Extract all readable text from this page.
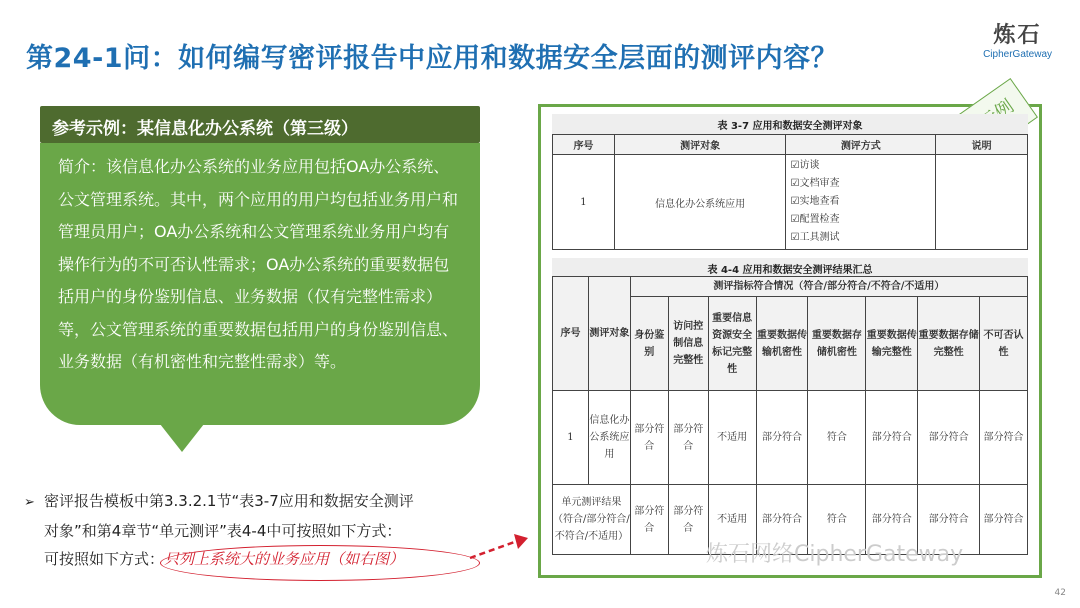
第24-1问：如何编写密评报告中应用和数据安全层面的测评内容？
炼石
CipherGateway
参考示例：某信息化办公系统（第三级）
简介：该信息化办公系统的业务应用包括OA办公系统、公文管理系统。其中，两个应用的用户均包括业务用户和管理员用户；OA办公系统和公文管理系统业务用户均有操作行为的不可否认性需求；OA办公系统的重要数据包括用户的身份鉴别信息、业务数据（仅有完整性需求）等，公文管理系统的重要数据包括用户的身份鉴别信息、业务数据（有机密性和完整性需求）等。
➢ 密评报告模板中第3.3.2.1节“表3-7应用和数据安全测评
对象”和第4章节“单元测评”表4-4中可按照如下方式：
可按照如下方式：只列上系统大的业务应用（如右图）
表 3-7 应用和数据安全测评对象
序号	测评对象	测评方式	说明
1	信息化办公系统应用	☑访谈
☑文档审查
☑实地查看
☑配置检查
☑工具测试	

表 4-4 应用和数据安全测评结果汇总
序号	测评对象	测评指标符合情况（符合/部分符合/不符合/不适用）							
		身份鉴别	访问控制信息完整性	重要信息资源安全标记完整性	重要数据传输机密性	重要数据存储机密性	重要数据传输完整性	重要数据存储完整性	不可否认性
1	信息化办公系统应用	部分符合	部分符合	不适用	部分符合	符合	部分符合	部分符合	部分符合
单元测评结果（符合/部分符合/不符合/不适用）		部分符合	部分符合	不适用	部分符合	符合	部分符合	部分符合	部分符合
炼石网络CipherGateway
42
